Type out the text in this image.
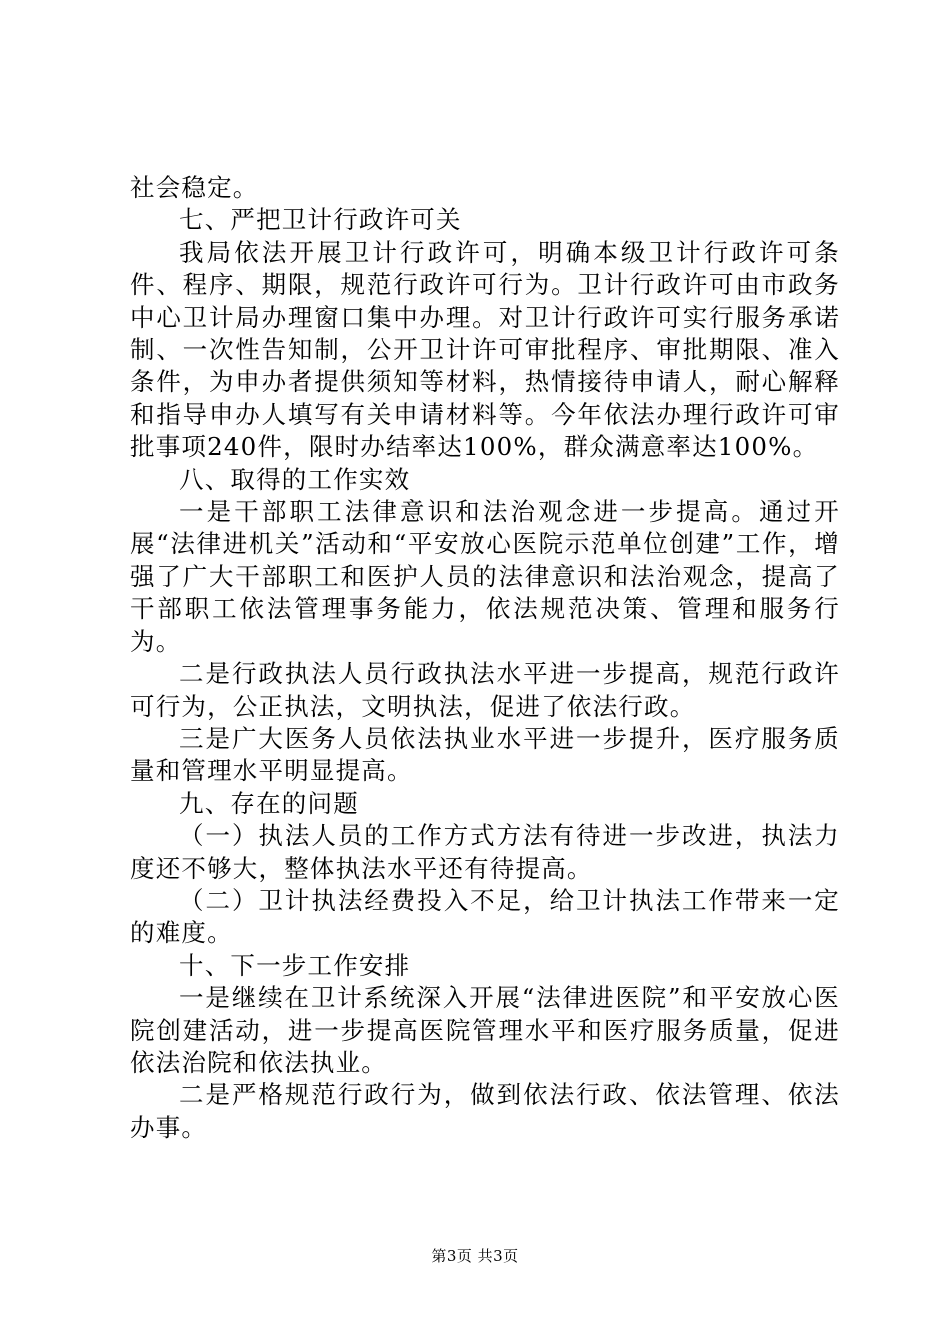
社会稳定。

七、严把卫计行政许可关

我局依法开展卫计行政许可，明确本级卫计行政许可条件、程序、期限，规范行政许可行为。卫计行政许可由市政务中心卫计局办理窗口集中办理。对卫计行政许可实行服务承诺制、一次性告知制，公开卫计许可审批程序、审批期限、准入条件，为申办者提供须知等材料，热情接待申请人，耐心解释和指导申办人填写有关申请材料等。今年依法办理行政许可审批事项240件，限时办结率达100%，群众满意率达100%。

八、取得的工作实效

一是干部职工法律意识和法治观念进一步提高。通过开展“法律进机关”活动和“平安放心医院示范单位创建”工作，增强了广大干部职工和医护人员的法律意识和法治观念，提高了干部职工依法管理事务能力，依法规范决策、管理和服务行为。

二是行政执法人员行政执法水平进一步提高，规范行政许可行为，公正执法，文明执法，促进了依法行政。

三是广大医务人员依法执业水平进一步提升，医疗服务质量和管理水平明显提高。

九、存在的问题

（一）执法人员的工作方式方法有待进一步改进，执法力度还不够大，整体执法水平还有待提高。

（二）卫计执法经费投入不足，给卫计执法工作带来一定的难度。

十、下一步工作安排

一是继续在卫计系统深入开展“法律进医院”和平安放心医院创建活动，进一步提高医院管理水平和医疗服务质量，促进依法治院和依法执业。

二是严格规范行政行为，做到依法行政、依法管理、依法办事。

第3页 共3页
